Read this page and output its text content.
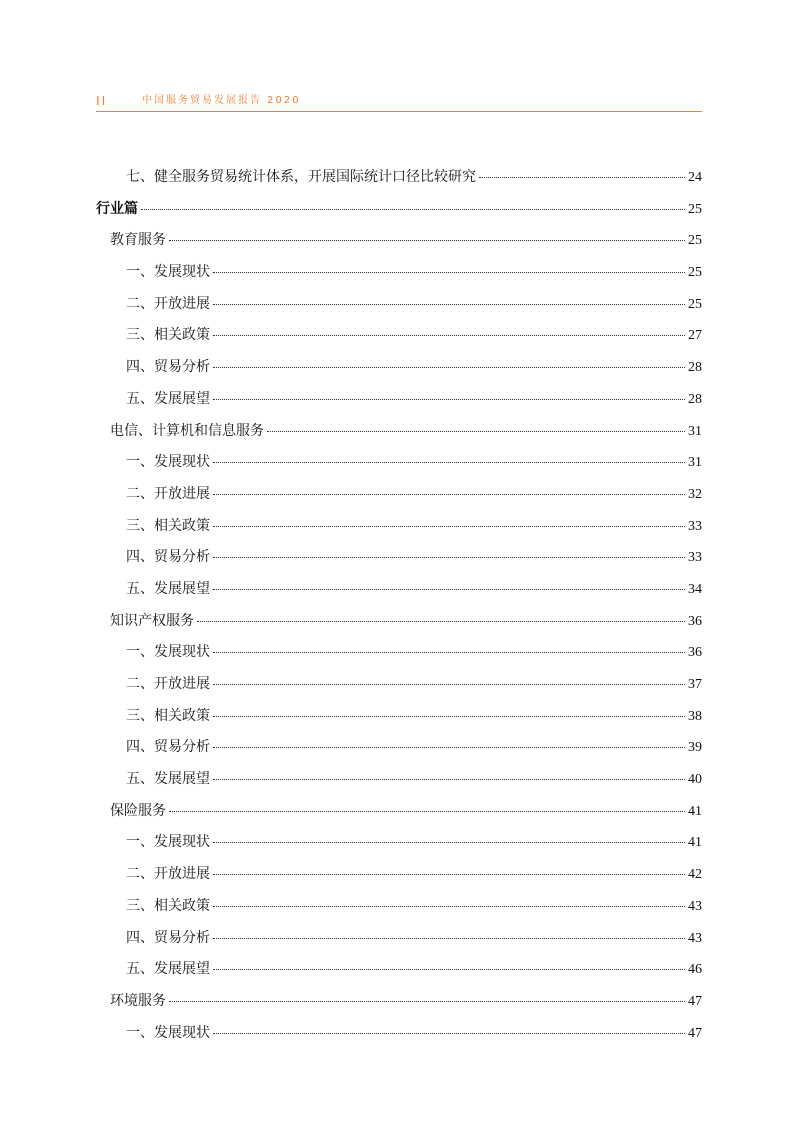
II	中国服务贸易发展报告 2020
七、健全服务贸易统计体系，开展国际统计口径比较研究	24
行业篇	25
教育服务	25
一、发展现状	25
二、开放进展	25
三、相关政策	27
四、贸易分析	28
五、发展展望	28
电信、计算机和信息服务	31
一、发展现状	31
二、开放进展	32
三、相关政策	33
四、贸易分析	33
五、发展展望	34
知识产权服务	36
一、发展现状	36
二、开放进展	37
三、相关政策	38
四、贸易分析	39
五、发展展望	40
保险服务	41
一、发展现状	41
二、开放进展	42
三、相关政策	43
四、贸易分析	43
五、发展展望	46
环境服务	47
一、发展现状	47
